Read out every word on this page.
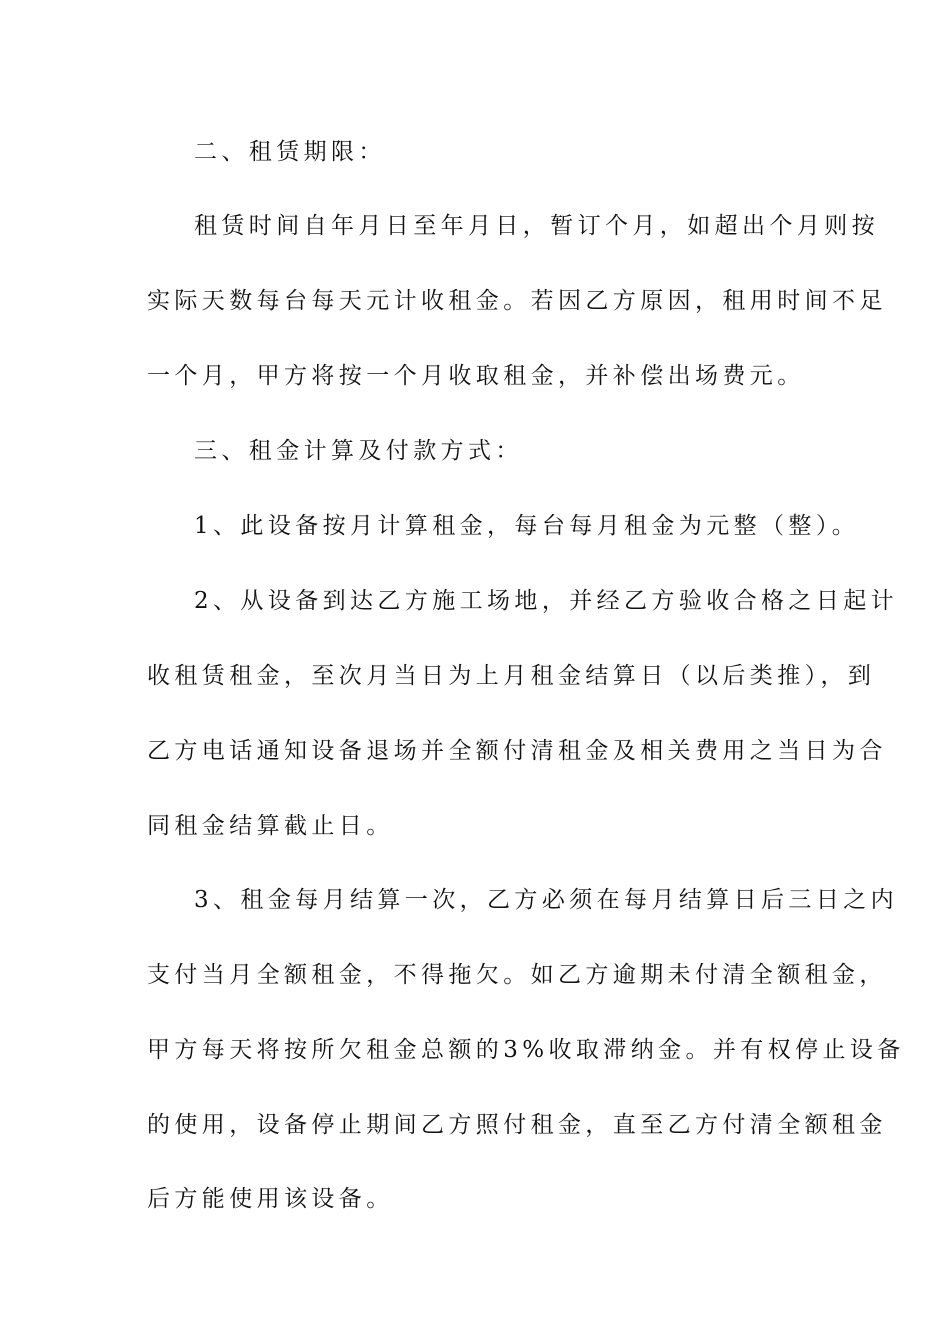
二、租赁期限：
租赁时间自年月日至年月日，暂订个月，如超出个月则按
实际天数每台每天元计收租金。若因乙方原因，租用时间不足
一个月，甲方将按一个月收取租金，并补偿出场费元。
三、租金计算及付款方式：
1、此设备按月计算租金，每台每月租金为元整（整）。
2、从设备到达乙方施工场地，并经乙方验收合格之日起计
收租赁租金，至次月当日为上月租金结算日（以后类推），到
乙方电话通知设备退场并全额付清租金及相关费用之当日为合
同租金结算截止日。
3、租金每月结算一次，乙方必须在每月结算日后三日之内
支付当月全额租金，不得拖欠。如乙方逾期未付清全额租金，
甲方每天将按所欠租金总额的3%收取滞纳金。并有权停止设备
的使用，设备停止期间乙方照付租金，直至乙方付清全额租金
后方能使用该设备。
